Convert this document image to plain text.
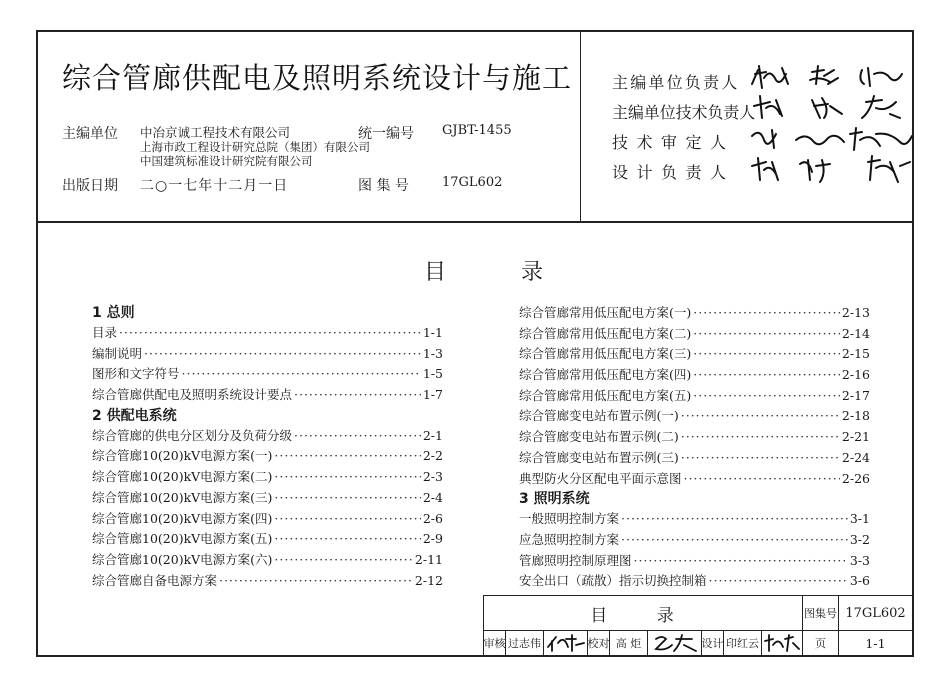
综合管廊供配电及照明系统设计与施工
主编单位 中冶京诚工程技术有限公司
上海市政工程设计研究总院（集团）有限公司
中国建筑标准设计研究院有限公司
出版日期 二○一七年十二月一日
统一编号 GJBT-1455
图 集 号	17GL602
主编单位负责人
主编单位技术负责人
技术审定人
设计负责人
目 录
1 总则
目录 ·····	1-1
编制说明 ·····	1-3
图形和文字符号 ·····	1-5
综合管廊供配电及照明系统设计要点 ·····	1-7
2 供配电系统
综合管廊的供电分区划分及负荷分级 ·····	2-1
综合管廊10(20)kV电源方案(一) ·····	2-2
综合管廊10(20)kV电源方案(二) ·····	2-3
综合管廊10(20)kV电源方案(三) ·····	2-4
综合管廊10(20)kV电源方案(四) ·····	2-6
综合管廊10(20)kV电源方案(五) ·····	2-9
综合管廊10(20)kV电源方案(六) ·····	2-11
综合管廊自备电源方案 ·····	2-12
综合管廊常用低压配电方案(一) ·····	2-13
综合管廊常用低压配电方案(二) ·····	2-14
综合管廊常用低压配电方案(三) ·····	2-15
综合管廊常用低压配电方案(四) ·····	2-16
综合管廊常用低压配电方案(五) ·····	2-17
综合管廊变电站布置示例(一) ·····	2-18
综合管廊变电站布置示例(二) ·····	2-21
综合管廊变电站布置示例(三) ·····	2-24
典型防火分区配电平面示意图 ·····	2-26
3 照明系统
一般照明控制方案 ·····	3-1
应急照明控制方案 ·····	3-2
管廊照明控制原理图 ·····	3-3
安全出口（疏散）指示切换控制箱 ·····	3-6
目 录	图集号 17GL602
审核 过志伟	校对 高 炬	设计 印红云	页	1-1
